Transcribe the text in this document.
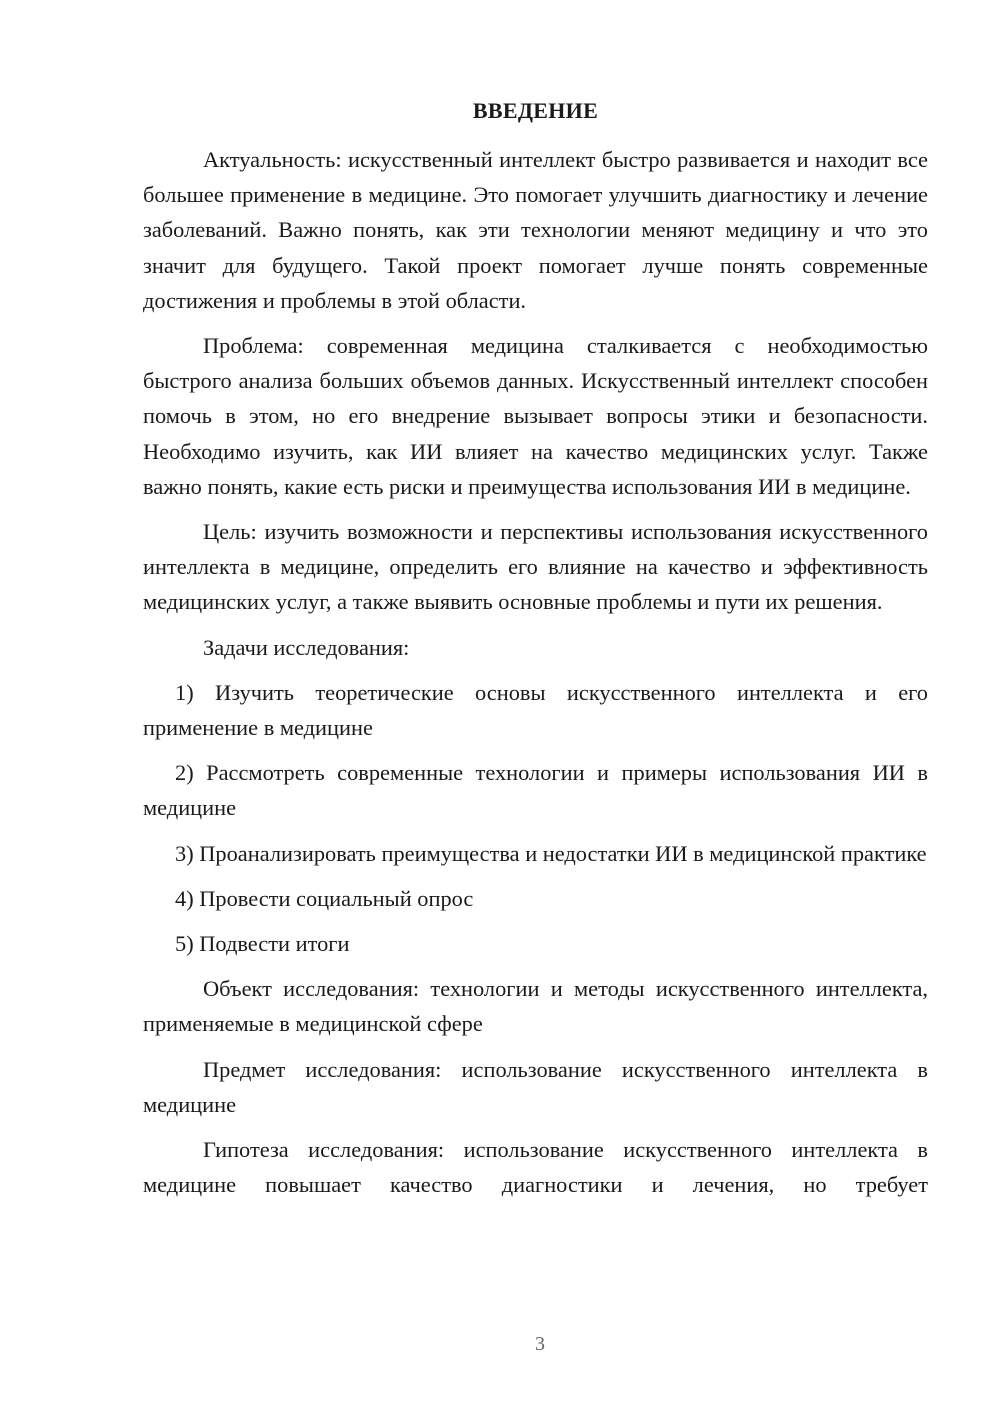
ВВЕДЕНИЕ

Актуальность: искусственный интеллект быстро развивается и находит все большее применение в медицине. Это помогает улучшить диагностику и лечение заболеваний. Важно понять, как эти технологии меняют медицину и что это значит для будущего. Такой проект помогает лучше понять современные достижения и проблемы в этой области.

Проблема: современная медицина сталкивается с необходимостью быстрого анализа больших объемов данных. Искусственный интеллект способен помочь в этом, но его внедрение вызывает вопросы этики и безопасности. Необходимо изучить, как ИИ влияет на качество медицинских услуг. Также важно понять, какие есть риски и преимущества использования ИИ в медицине.

Цель: изучить возможности и перспективы использования искусственного интеллекта в медицине, определить его влияние на качество и эффективность медицинских услуг, а также выявить основные проблемы и пути их решения.

Задачи исследования:

1) Изучить теоретические основы искусственного интеллекта и его применение в медицине

2) Рассмотреть современные технологии и примеры использования ИИ в медицине

3) Проанализировать преимущества и недостатки ИИ в медицинской практике

4) Провести социальный опрос

5) Подвести итоги

Объект исследования: технологии и методы искусственного интеллекта, применяемые в медицинской сфере

Предмет исследования: использование искусственного интеллекта в медицине

Гипотеза исследования: использование искусственного интеллекта в медицине повышает качество диагностики и лечения, но требует

3
